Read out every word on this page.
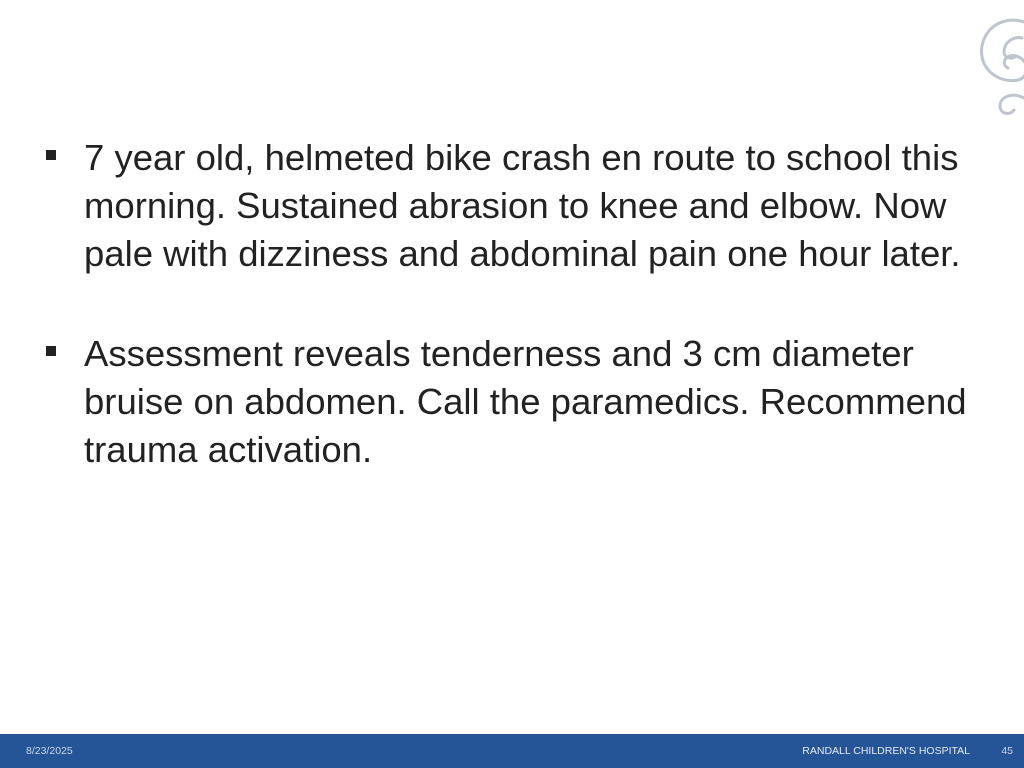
7 year old, helmeted bike crash en route to school this morning. Sustained abrasion to knee and elbow. Now pale with dizziness and abdominal pain one hour later.
Assessment reveals tenderness and 3 cm diameter bruise on abdomen. Call the paramedics. Recommend trauma activation.
8/23/2025	RANDALL CHILDREN'S HOSPITAL	45
